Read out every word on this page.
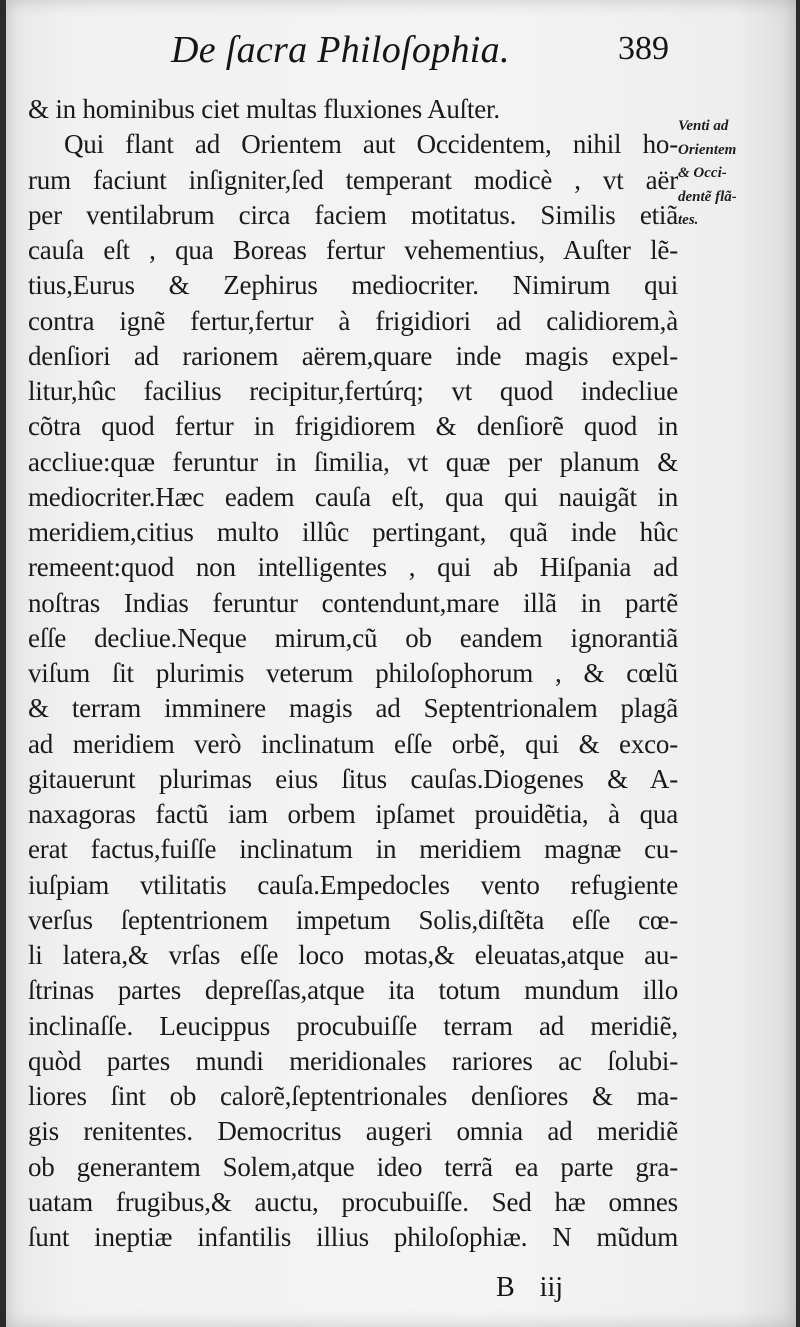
De ſacra Philoſophia.	389
& in hominibus ciet multas fluxiones Auſter.
Qui flant ad Orientem aut Occidentem, nihil ho-
rum faciunt inſigniter,ſed temperant modicè , vt aër
per ventilabrum circa faciem motitatus. Similis etiã
cauſa eſt , qua Boreas fertur vehementius, Auſter lẽ-
tius,Eurus & Zephirus mediocriter. Nimirum qui
contra ignẽ fertur,fertur à frigidiori ad calidiorem,à
denſiori ad rarionem aërem,quare inde magis expel-
litur,hûc facilius recipitur,fertúrq; vt quod indecliue
cõtra quod fertur in frigidiorem & denſiorẽ quod in
accliue:quæ feruntur in ſimilia, vt quæ per planum &
mediocriter.Hæc eadem cauſa eſt, qua qui nauigãt in
meridiem,citius multo illûc pertingant, quã inde hûc
remeent:quod non intelligentes , qui ab Hiſpania ad
noſtras Indias feruntur contendunt,mare illã in partẽ
eſſe decliue.Neque mirum,cũ ob eandem ignorantiã
viſum ſit plurimis veterum philoſophorum , & cœlũ
& terram imminere magis ad Septentrionalem plagã
ad meridiem verò inclinatum eſſe orbẽ, qui & exco-
gitauerunt plurimas eius ſitus cauſas.Diogenes & A-
naxagoras factũ iam orbem ipſamet prouidẽtia, à qua
erat factus,fuiſſe inclinatum in meridiem magnæ cu-
iuſpiam vtilitatis cauſa.Empedocles vento refugiente
verſus ſeptentrionem impetum Solis,diſtẽta eſſe cœ-
li latera,& vrſas eſſe loco motas,& eleuatas,atque au-
ſtrinas partes depreſſas,atque ita totum mundum illo
inclinaſſe. Leucippus procubuiſſe terram ad meridiẽ,
quòd partes mundi meridionales rariores ac ſolubi-
liores ſint ob calorẽ,ſeptentrionales denſiores & ma-
gis renitentes. Democritus augeri omnia ad meridiẽ
ob generantem Solem,atque ideo terrã ea parte gra-
uatam frugibus,& auctu, procubuiſſe. Sed hæ omnes
ſunt ineptiæ infantilis illius philoſophiæ. N mũdum
Venti ad
Orientem
& Occi-
dentẽ flã-
tes.
B iij
